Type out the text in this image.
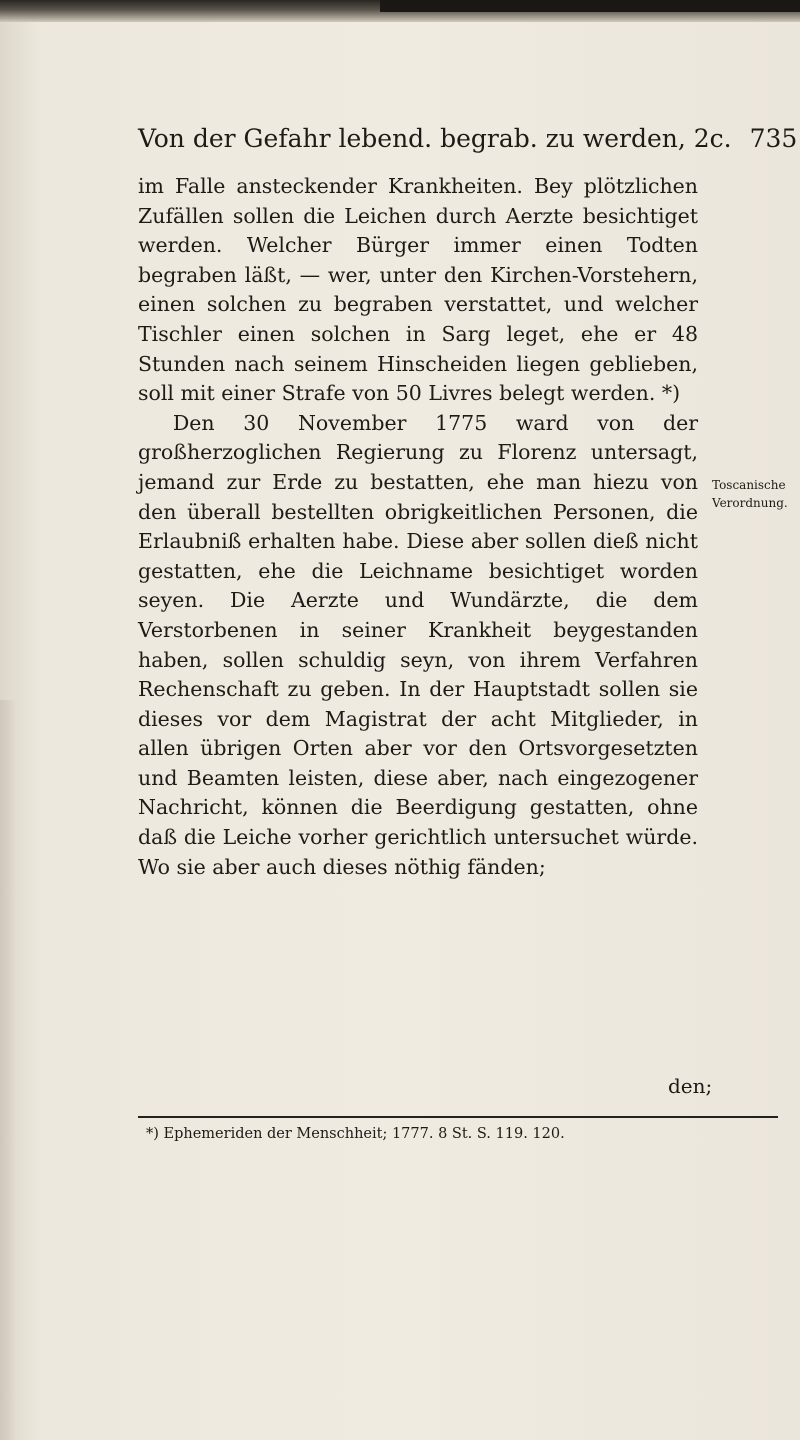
Von der Gefahr lebend. begrab. zu werden, 2c. 735

im Falle ansteckender Krankheiten. Bey plötzlichen Zufällen sollen die Leichen durch Aerzte besichtiget werden. Welcher Bürger immer einen Todten begraben läßt, — wer, unter den Kirchen-Vorstehern, einen solchen zu begraben verstattet, und welcher Tischler einen solchen in Sarg leget, ehe er 48 Stunden nach seinem Hinscheiden liegen geblieben, soll mit einer Strafe von 50 Livres belegt werden. *)

Den 30 November 1775 ward von der großherzoglichen Regierung zu Florenz untersagt, jemand zur Erde zu bestatten, ehe man hiezu von den überall bestellten obrigkeitlichen Personen, die Erlaubniß erhalten habe. Diese aber sollen dieß nicht gestatten, ehe die Leichname besichtiget worden seyen. Die Aerzte und Wundärzte, die dem Verstorbenen in seiner Krankheit beygestanden haben, sollen schuldig seyn, von ihrem Verfahren Rechenschaft zu geben. In der Hauptstadt sollen sie dieses vor dem Magistrat der acht Mitglieder, in allen übrigen Orten aber vor den Ortsvorgesetzten und Beamten leisten, diese aber, nach eingezogener Nachricht, können die Beerdigung gestatten, ohne daß die Leiche vorher gerichtlich untersuchet würde. Wo sie aber auch dieses nöthig fänden;

Toscanische
Verordnung.
den;
*) Ephemeriden der Menschheit; 1777. 8 St. S. 119. 120.
